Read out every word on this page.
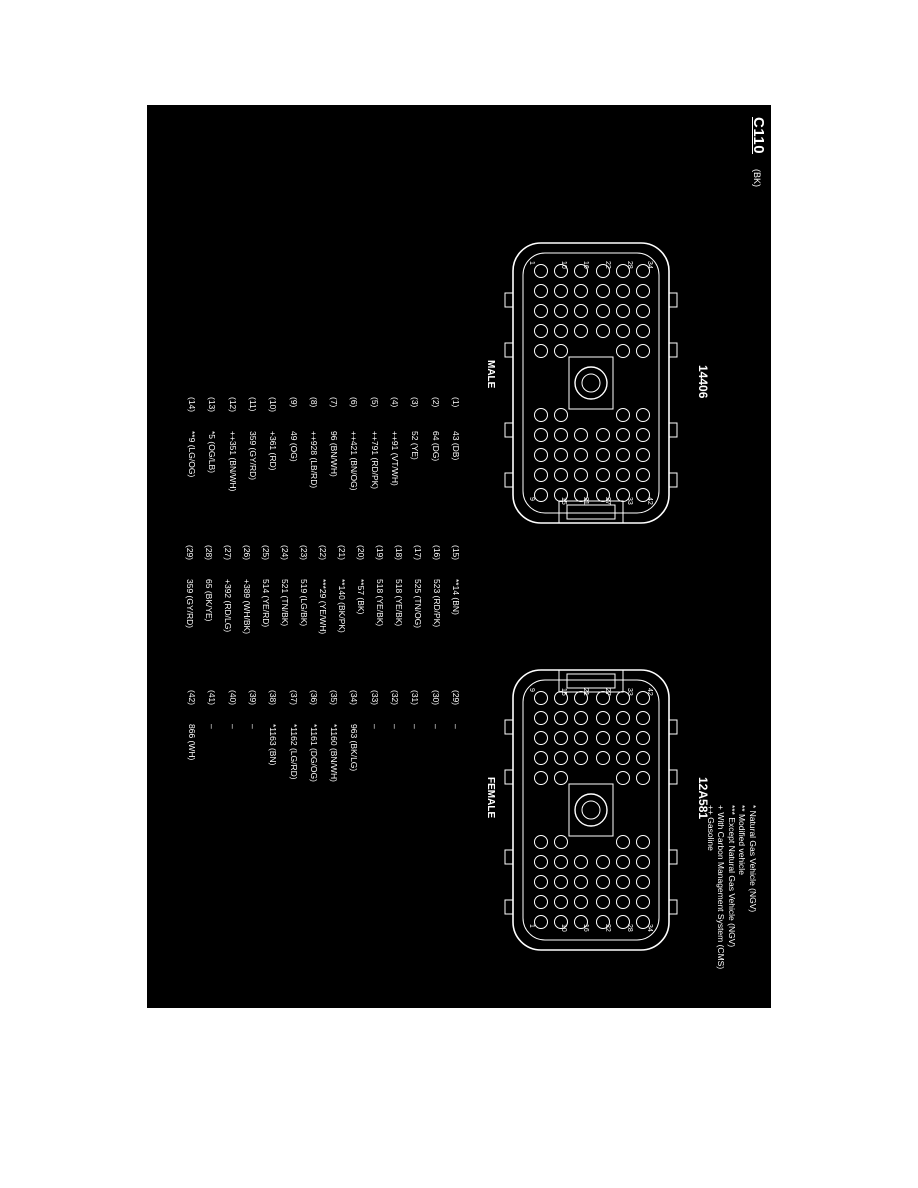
C110
(BK)
34
28
22
16
10
1
42
33
27
21
15
9
14406
MALE
42
33
27
21
15
9
34
28
22
16
10
1
12A581
FEMALE
* Natural Gas Vehicle (NGV)
** Modified vehicle
*** Except Natural Gas Vehicle (NGV)
+ With Carbon Management System (CMS)
++ Gasoline
(1)43 (DB)
(2)64 (DG)
(3)52 (YE)
(4)++91 (VT/WH)
(5)++791 (RD/PK)
(6)++421 (BN/OG)
(7)96 (BN/WH)
(8)++928 (LB/RD)
(9)49 (OG)
(10)+361 (RD)
(11)359 (GY/RD)
(12)++351 (BN/WH)
(13)*5 (OG/LB)
(14)**9 (LG/OG)
(15)**14 (BN)
(16)523 (RD/PK)
(17)525 (TN/OG)
(18)518 (YE/BK)
(19)518 (YE/BK)
(20)**57 (BK)
(21)**140 (BK/PK)
(22)***29 (YE/WH)
(23)519 (LG/BK)
(24)521 (TN/BK)
(25)514 (YE/RD)
(26)+389 (WH/BK)
(27)+392 (RD/LG)
(28)65 (BK/YE)
(29)359 (GY/RD)
(29)–
(30)–
(31)–
(32)–
(33)–
(34)963 (BK/LG)
(35)*1160 (BN/WH)
(36)*1161 (DG/OG)
(37)*1162 (LG/RD)
(38)*1163 (BN)
(39)–
(40)–
(41)–
(42)866 (WH)
